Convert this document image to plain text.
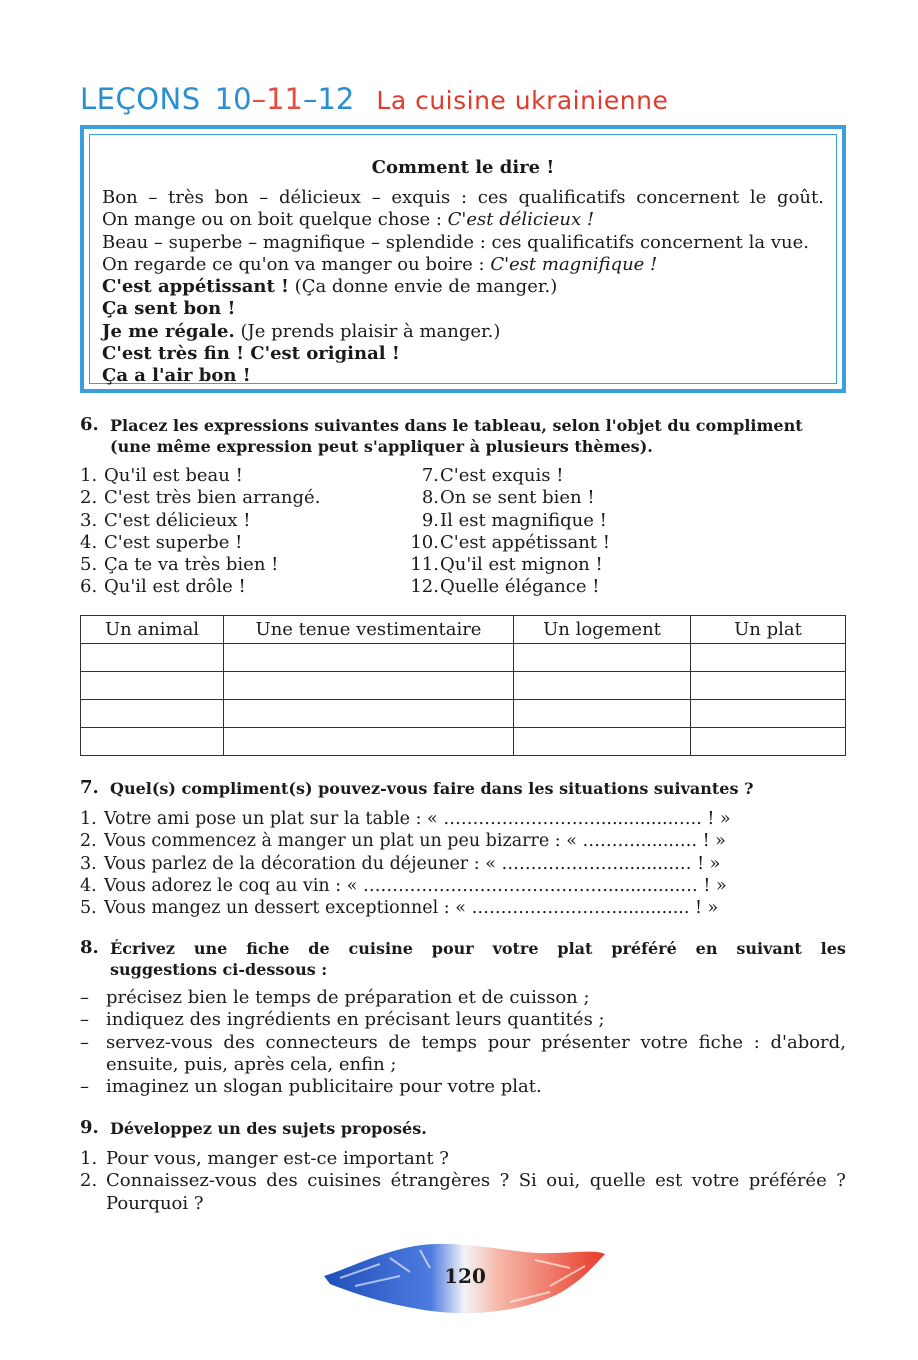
LEÇONS 10–11–12 La cuisine ukrainienne
Comment le dire !
Bon – très bon – délicieux – exquis : ces qualificatifs concernent le goût.
On mange ou on boit quelque chose : C'est délicieux !
Beau – superbe – magnifique – splendide : ces qualificatifs concernent la vue.
On regarde ce qu'on va manger ou boire : C'est magnifique !
C'est appétissant ! (Ça donne envie de manger.)
Ça sent bon !
Je me régale. (Je prends plaisir à manger.)
C'est très fin ! C'est original !
Ça a l'air bon !
6. Placez les expressions suivantes dans le tableau, selon l'objet du compliment
(une même expression peut s'appliquer à plusieurs thèmes).
1. Qu'il est beau !
2. C'est très bien arrangé.
3. C'est délicieux !
4. C'est superbe !
5. Ça te va très bien !
6. Qu'il est drôle !
7. C'est exquis !
8. On se sent bien !
9. Il est magnifique !
10. C'est appétissant !
11. Qu'il est mignon !
12. Quelle élégance !
Un animal	Une tenue vestimentaire	Un logement	Un plat

7. Quel(s) compliment(s) pouvez-vous faire dans les situations suivantes ?
1. Votre ami pose un plat sur la table : « ……………………….............….. ! »
2. Vous commencez à manger un plat un peu bizarre : « ……….......…. ! »
3. Vous parlez de la décoration du déjeuner : « ………………….........… ! »
4. Vous adorez le coq au vin : « …………………………………….............… ! »
5. Vous mangez un dessert exceptionnel : « …………………….............. ! »
8. Écrivez une fiche de cuisine pour votre plat préféré en suivant les
suggestions ci-dessous :
– précisez bien le temps de préparation et de cuisson ;
– indiquez des ingrédients en précisant leurs quantités ;
– servez-vous des connecteurs de temps pour présenter votre fiche : d'abord,
ensuite, puis, après cela, enfin ;
– imaginez un slogan publicitaire pour votre plat.
9. Développez un des sujets proposés.
1. Pour vous, manger est-ce important ?
2. Connaissez-vous des cuisines étrangères ? Si oui, quelle est votre préférée ?
Pourquoi ?
120
